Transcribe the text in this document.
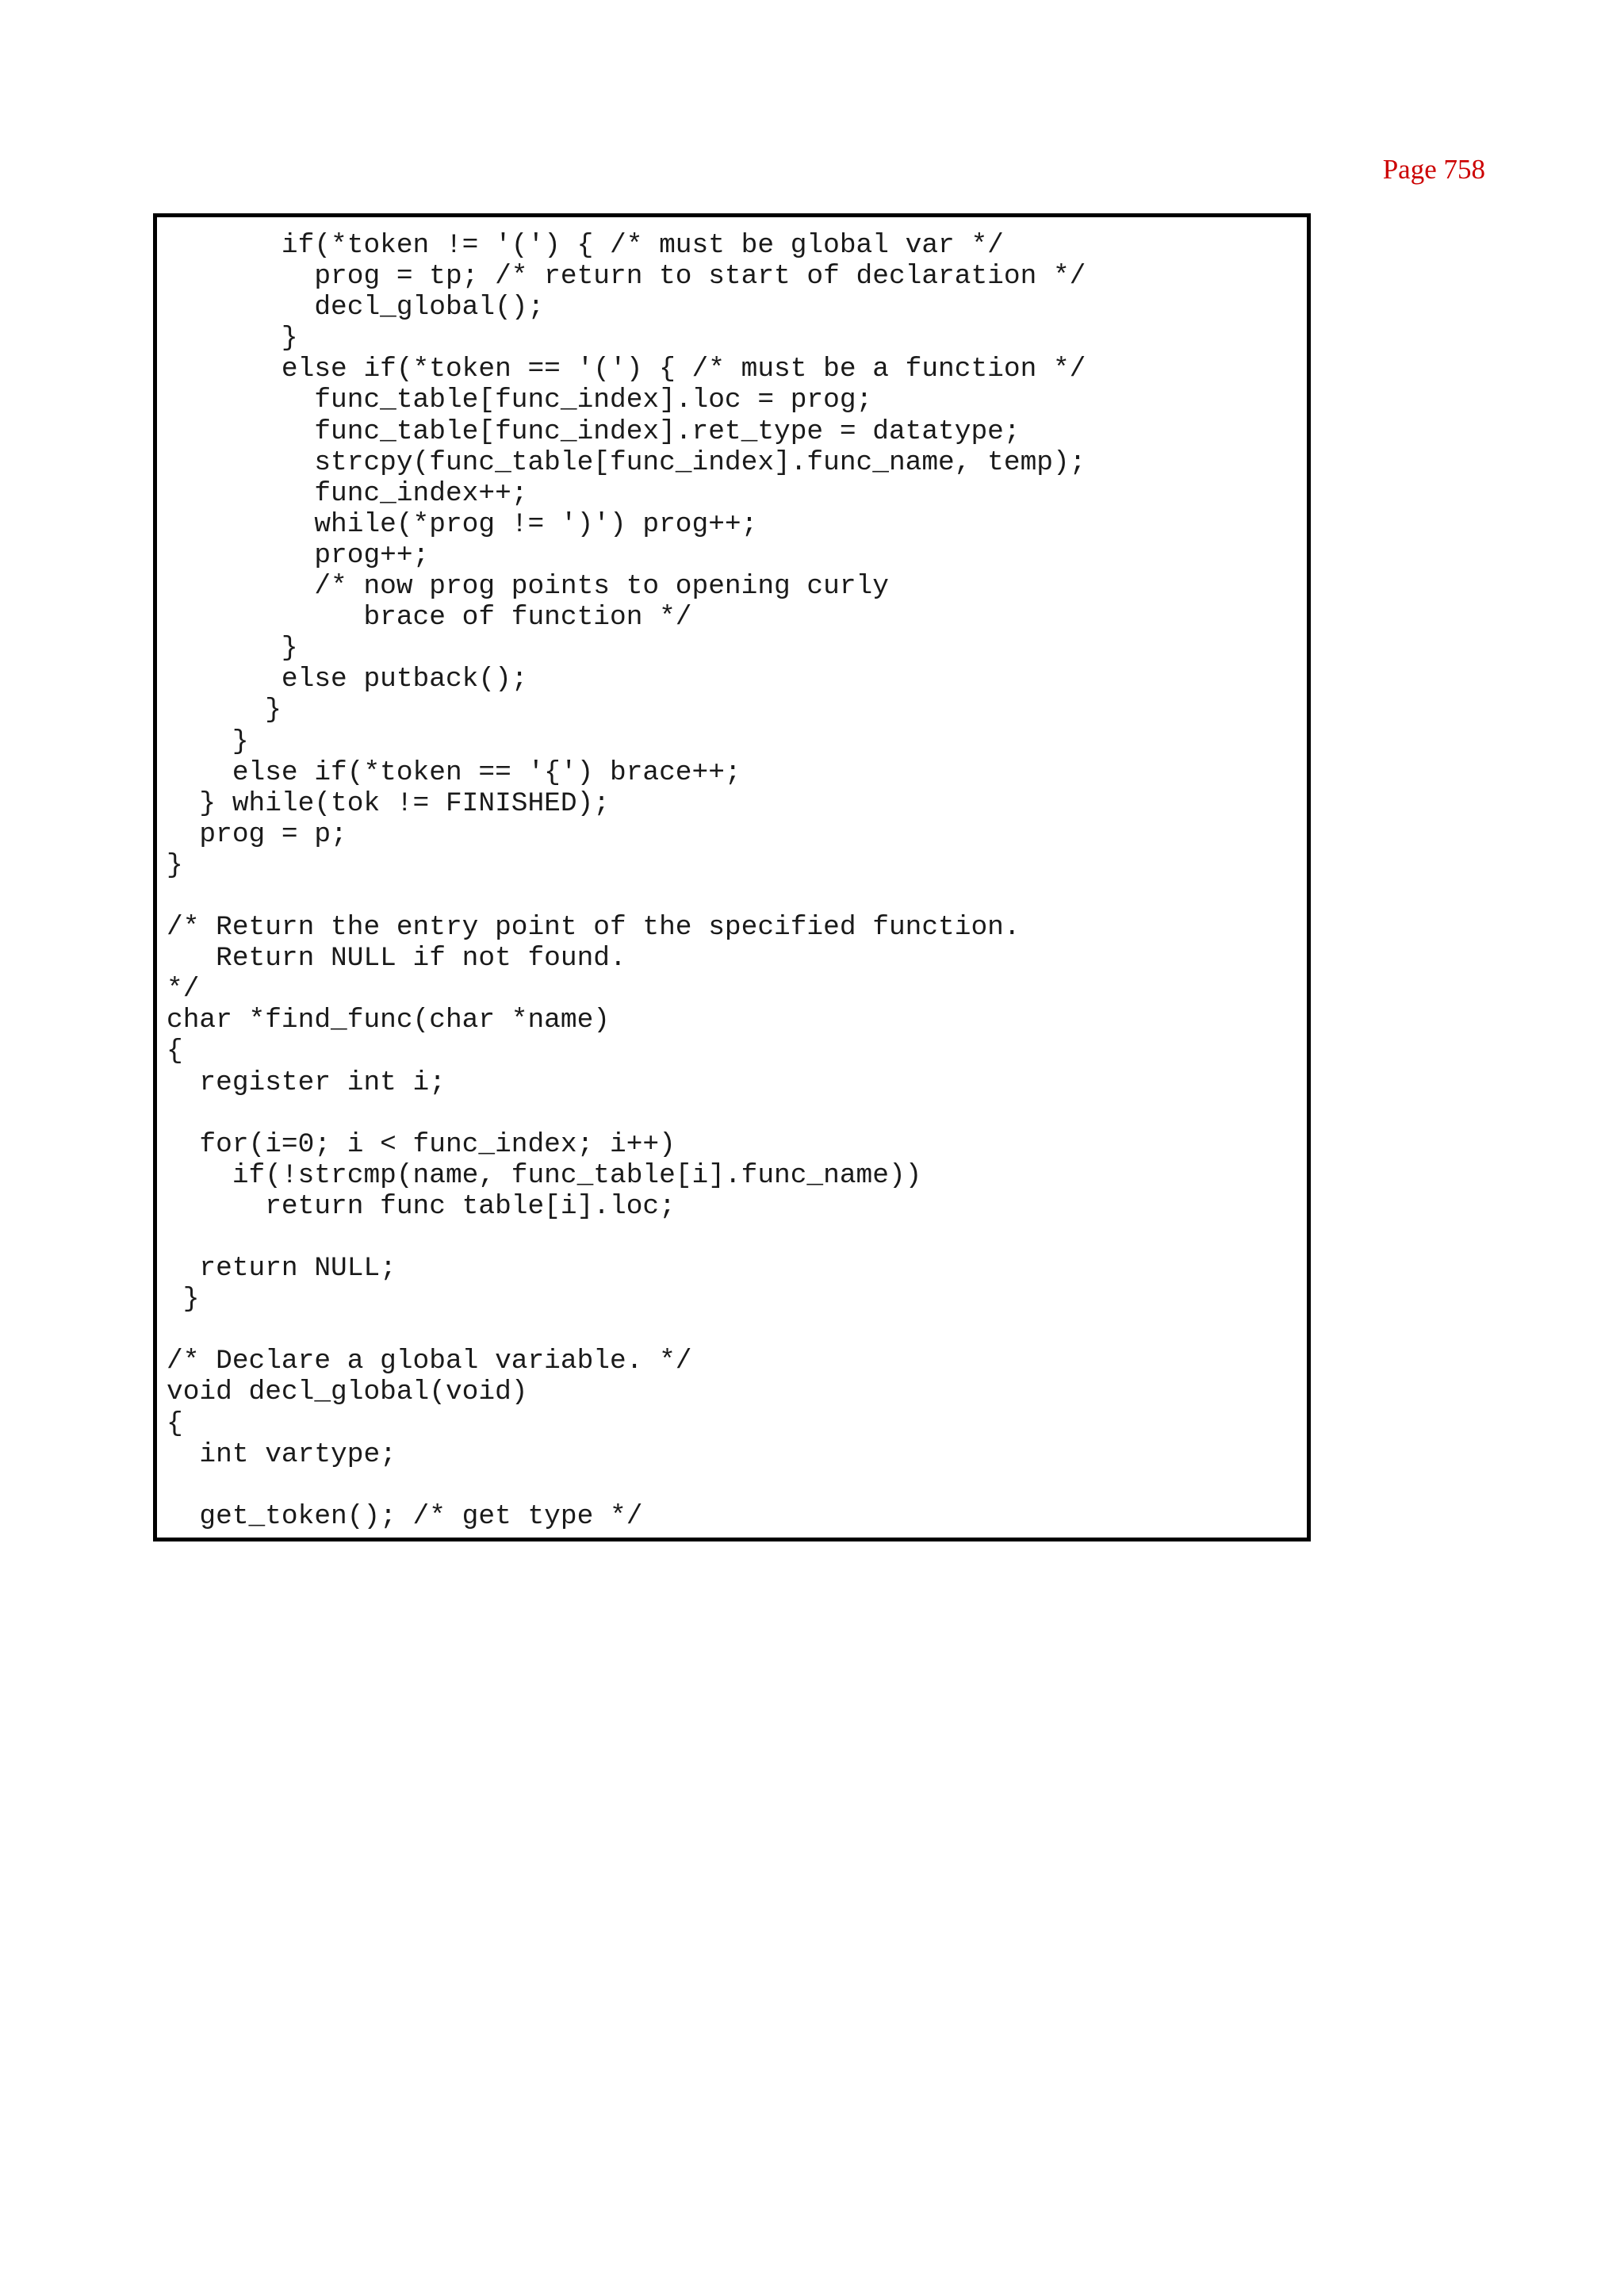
Page 758
if(*token != '(') { /* must be global var */
prog = tp; /* return to start of declaration */
decl_global();
}
else if(*token == '(') { /* must be a function */
func_table[func_index].loc = prog;
func_table[func_index].ret_type = datatype;
strcpy(func_table[func_index].func_name, temp);
func_index++;
while(*prog != ')') prog++;
prog++;
/* now prog points to opening curly
brace of function */
}
else putback();
}
}
else if(*token == '{') brace++;
} while(tok != FINISHED);
prog = p;
}
/* Return the entry point of the specified function.
Return NULL if not found.
*/
char *find_func(char *name)
{
register int i;
for(i=0; i < func_index; i++)
if(!strcmp(name, func_table[i].func_name))
return func table[i].loc;
return NULL;
}
/* Declare a global variable. */
void decl_global(void)
{
int vartype;
get_token(); /* get type */
